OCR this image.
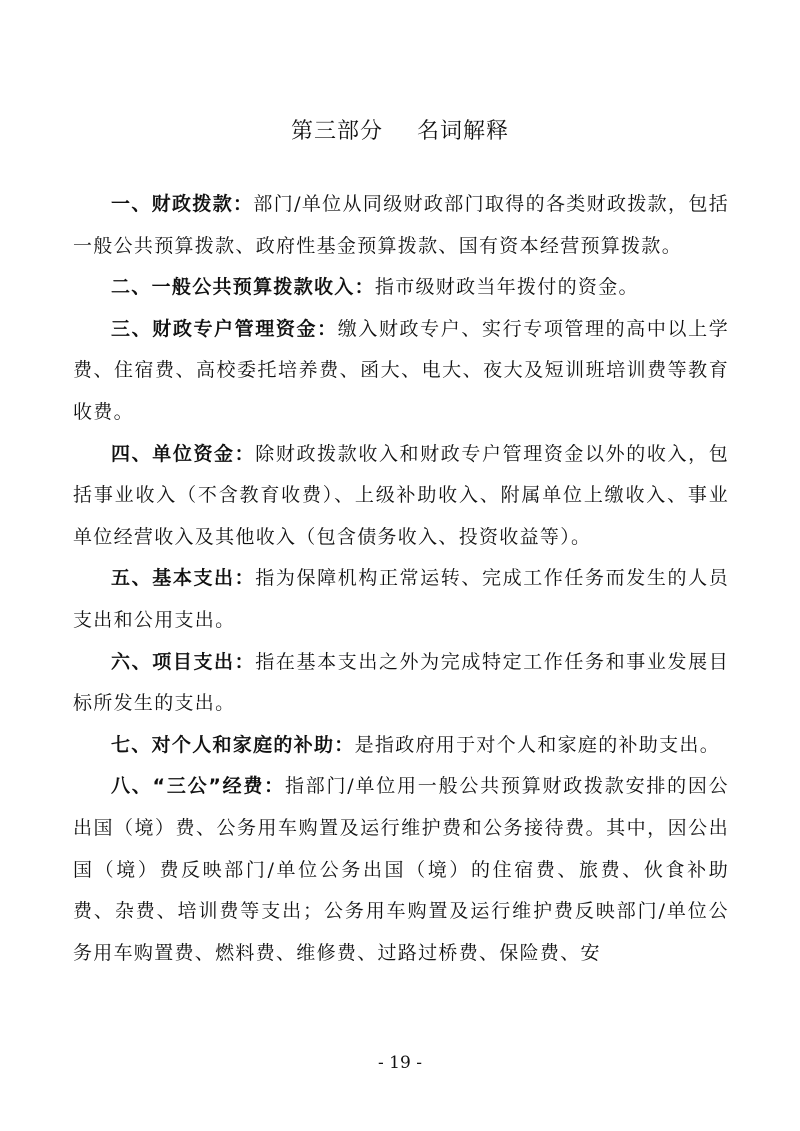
第三部分 名词解释

一、财政拨款：部门/单位从同级财政部门取得的各类财政拨款，包括一般公共预算拨款、政府性基金预算拨款、国有资本经营预算拨款。

二、一般公共预算拨款收入：指市级财政当年拨付的资金。

三、财政专户管理资金：缴入财政专户、实行专项管理的高中以上学费、住宿费、高校委托培养费、函大、电大、夜大及短训班培训费等教育收费。

四、单位资金：除财政拨款收入和财政专户管理资金以外的收入，包括事业收入（不含教育收费）、上级补助收入、附属单位上缴收入、事业单位经营收入及其他收入（包含债务收入、投资收益等）。

五、基本支出：指为保障机构正常运转、完成工作任务而发生的人员支出和公用支出。

六、项目支出：指在基本支出之外为完成特定工作任务和事业发展目标所发生的支出。

七、对个人和家庭的补助：是指政府用于对个人和家庭的补助支出。

八、“三公”经费：指部门/单位用一般公共预算财政拨款安排的因公出国（境）费、公务用车购置及运行维护费和公务接待费。其中，因公出国（境）费反映部门/单位公务出国（境）的住宿费、旅费、伙食补助费、杂费、培训费等支出；公务用车购置及运行维护费反映部门/单位公务用车购置费、燃料费、维修费、过路过桥费、保险费、安

- 19 -
